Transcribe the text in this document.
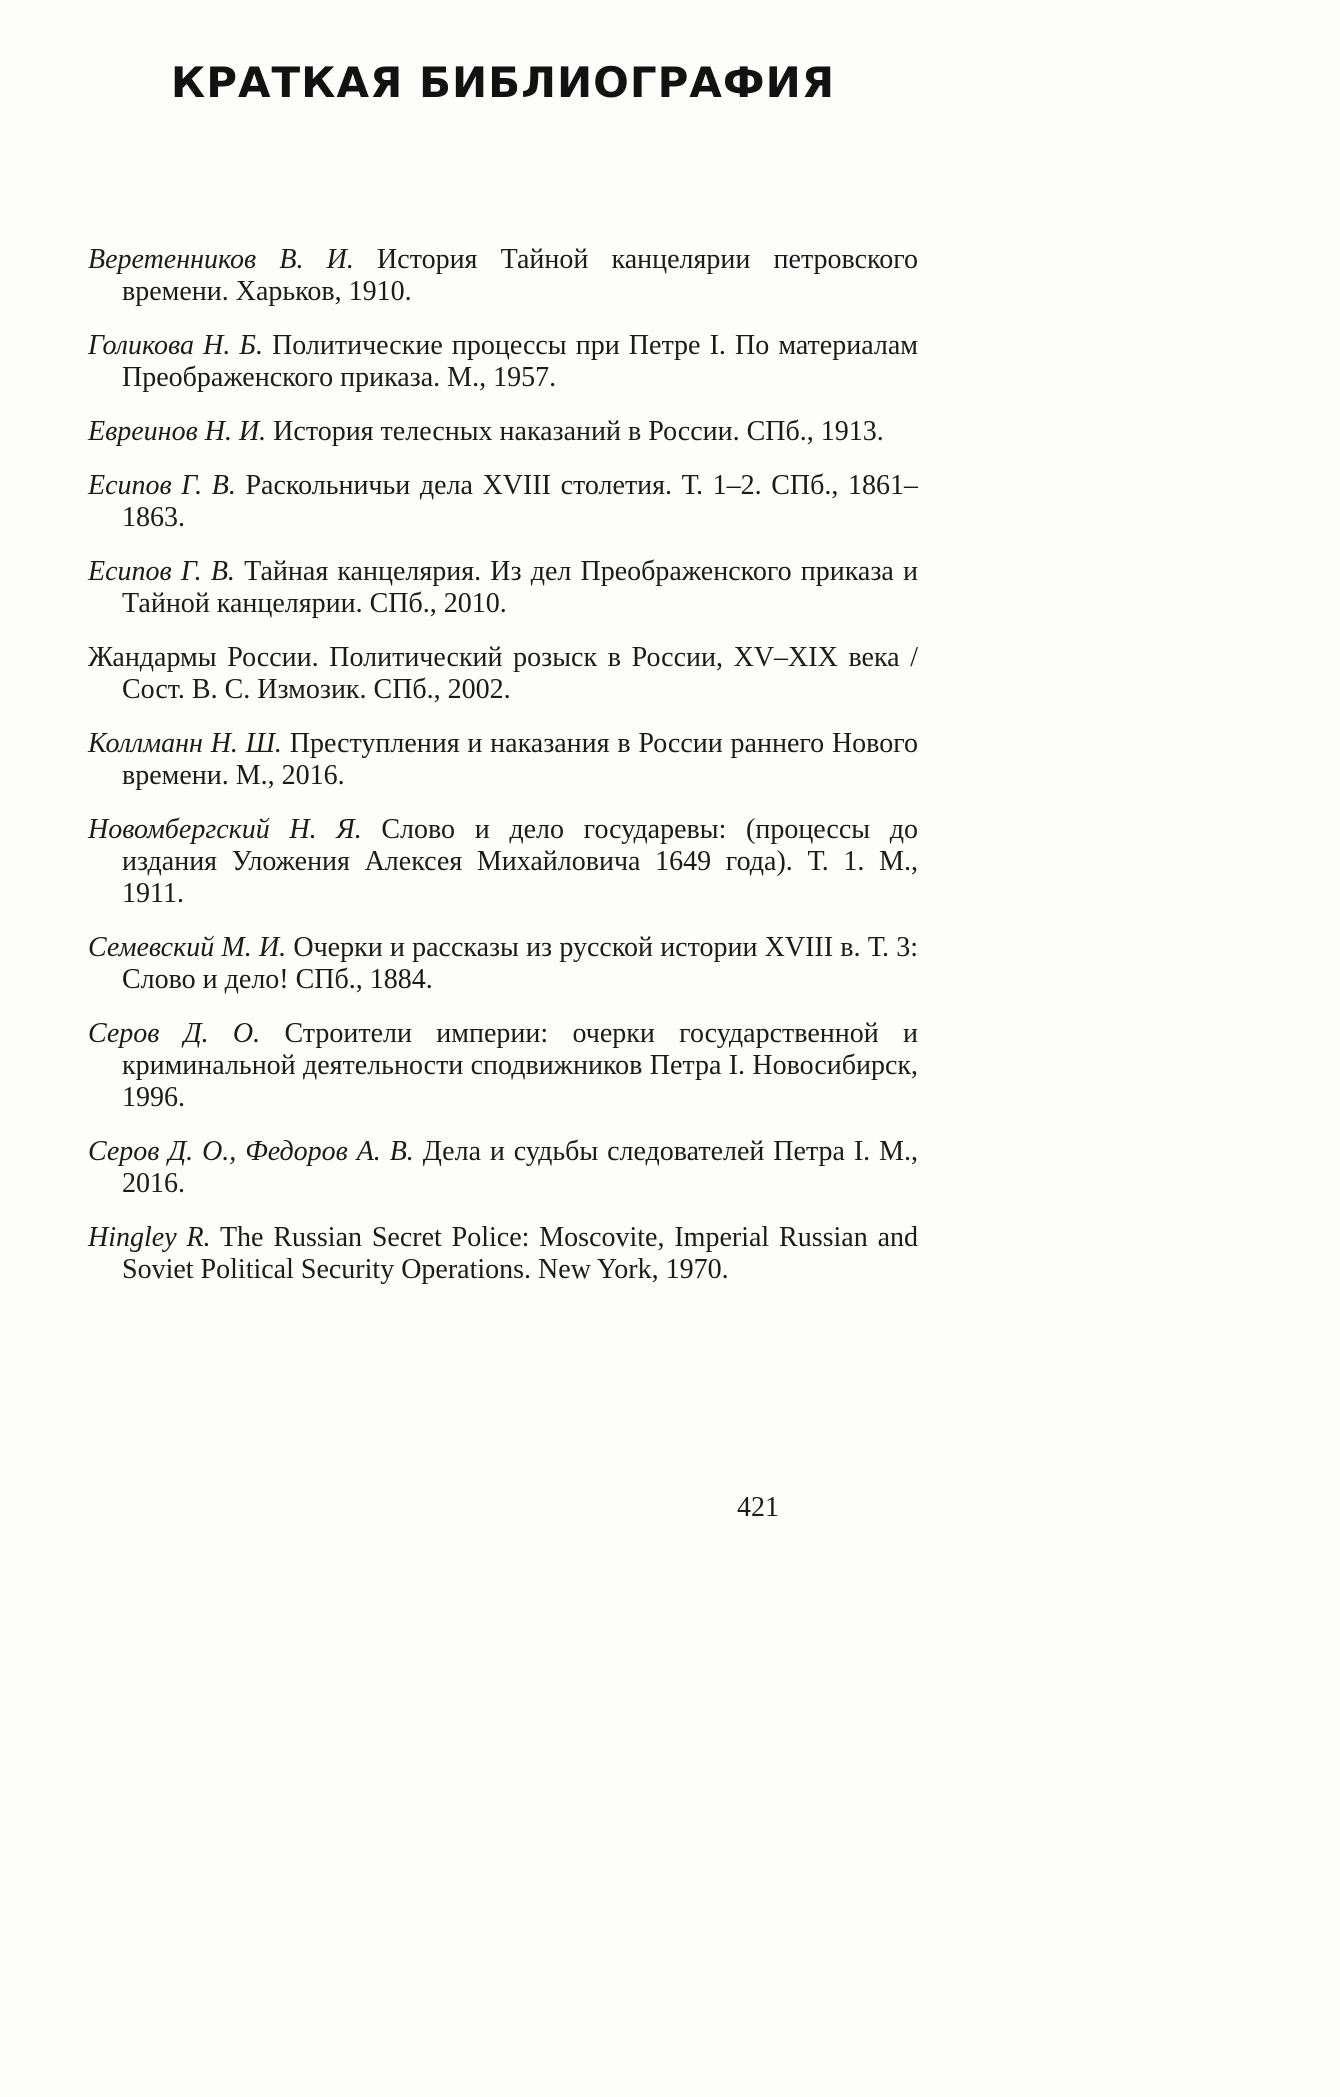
КРАТКАЯ БИБЛИОГРАФИЯ

Веретенников В. И. История Тайной канцелярии петровского времени. Харьков, 1910.

Голикова Н. Б. Политические процессы при Петре I. По материалам Преображенского приказа. М., 1957.

Евреинов Н. И. История телесных наказаний в России. СПб., 1913.

Есипов Г. В. Раскольничьи дела XVIII столетия. Т. 1–2. СПб., 1861–1863.

Есипов Г. В. Тайная канцелярия. Из дел Преображенского приказа и Тайной канцелярии. СПб., 2010.

Жандармы России. Политический розыск в России, XV–XIX века / Сост. В. С. Измозик. СПб., 2002.

Коллманн Н. Ш. Преступления и наказания в России раннего Нового времени. М., 2016.

Новомбергский Н. Я. Слово и дело государевы: (процессы до издания Уложения Алексея Михайловича 1649 года). Т. 1. М., 1911.

Семевский М. И. Очерки и рассказы из русской истории XVIII в. Т. 3: Слово и дело! СПб., 1884.

Серов Д. О. Строители империи: очерки государственной и криминальной деятельности сподвижников Петра I. Новосибирск, 1996.

Серов Д. О., Федоров А. В. Дела и судьбы следователей Петра I. М., 2016.

Hingley R. The Russian Secret Police: Moscovite, Imperial Russian and Soviet Political Security Operations. New York, 1970.

421
